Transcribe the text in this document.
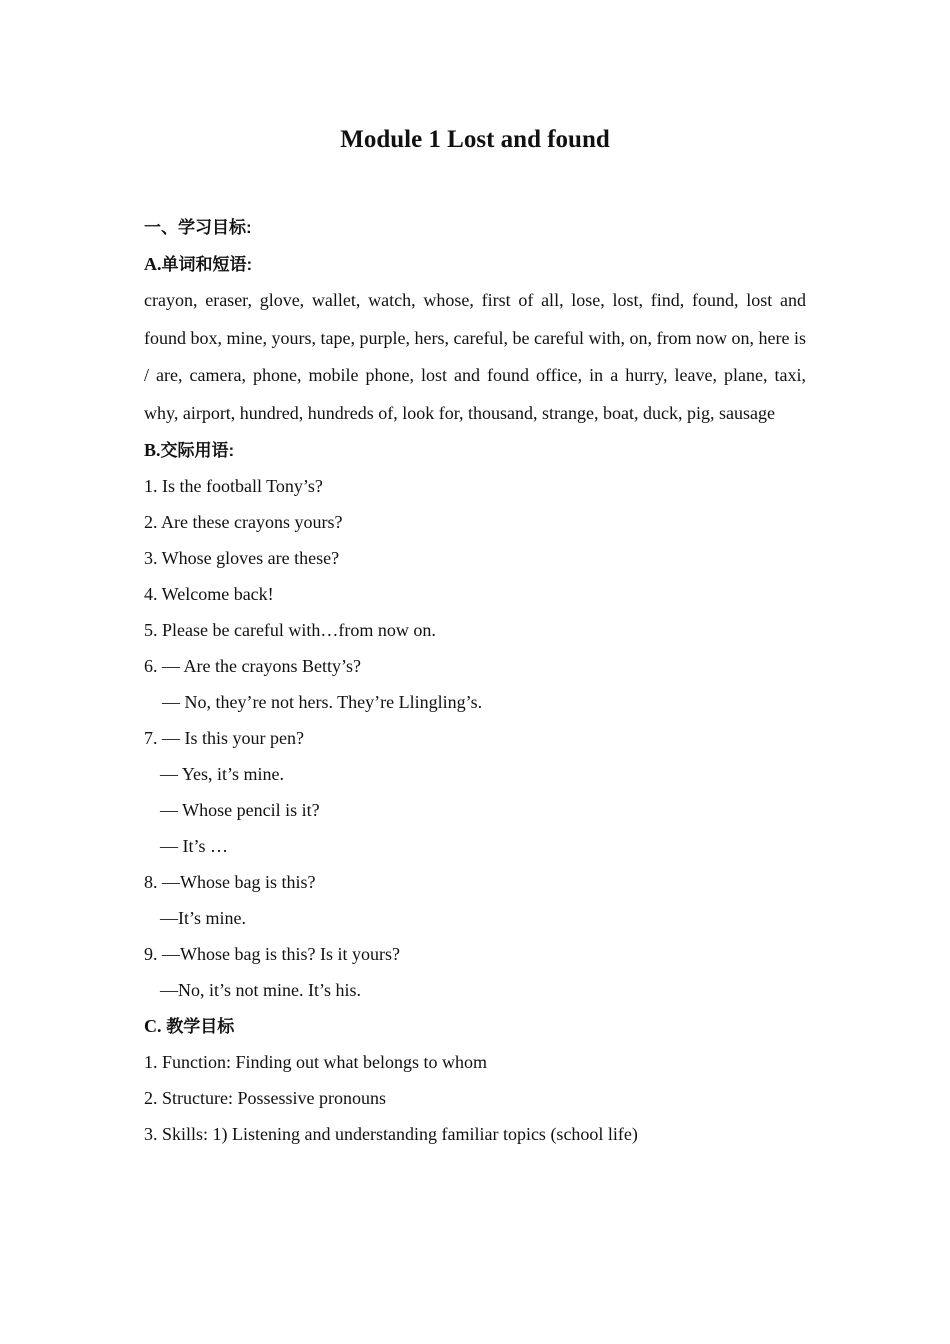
Module 1 Lost and found
一、学习目标:
A.单词和短语:
crayon, eraser, glove, wallet, watch, whose, first of all, lose, lost, find, found, lost and found box, mine, yours, tape, purple, hers, careful, be careful with, on, from now on, here is / are, camera, phone, mobile phone, lost and found office, in a hurry, leave, plane, taxi, why, airport, hundred, hundreds of, look for, thousand, strange, boat, duck, pig, sausage
B.交际用语:
1. Is the football Tony’s?
2. Are these crayons yours?
3. Whose gloves are these?
4. Welcome back!
5. Please be careful with…from now on.
6. — Are the crayons Betty’s?
— No, they’re not hers. They’re Llingling’s.
7. — Is this your pen?
— Yes, it’s mine.
— Whose pencil is it?
— It’s …
8. —Whose bag is this?
—It’s mine.
9. —Whose bag is this? Is it yours?
—No, it’s not mine. It’s his.
C. 教学目标
1. Function: Finding out what belongs to whom
2. Structure: Possessive pronouns
3. Skills: 1) Listening and understanding familiar topics (school life)
